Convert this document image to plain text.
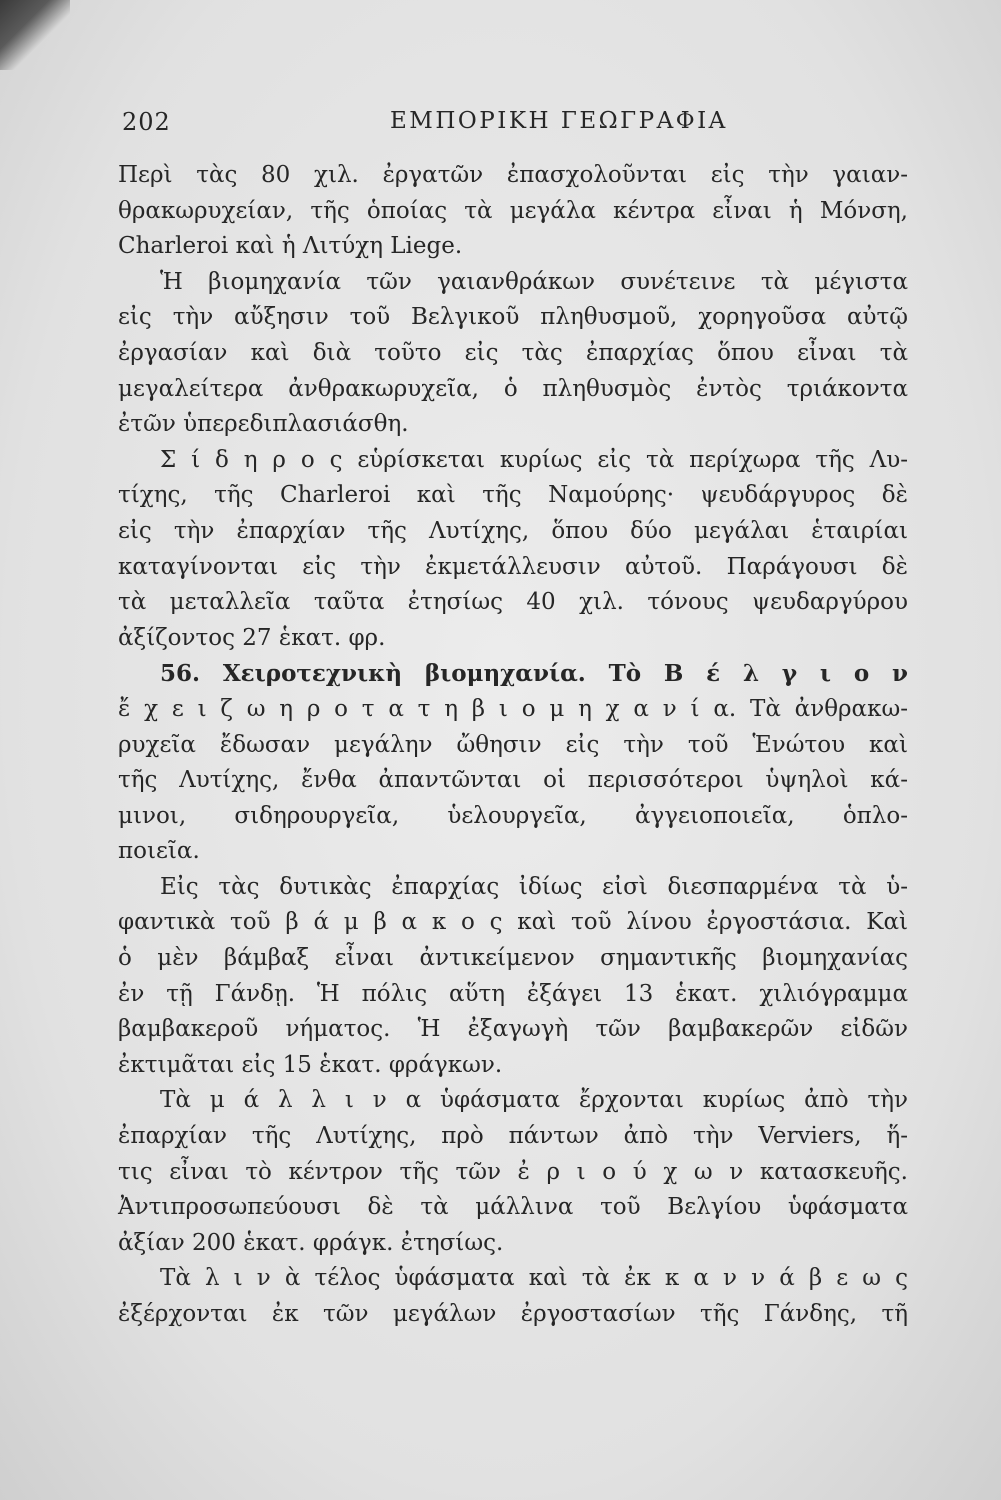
202	ΕΜΠΟΡΙΚΗ ΓΕΩΓΡΑΦΙΑ
Περὶ τὰς 80 χιλ. ἐργατῶν ἐπασχολοῦνται εἰς τὴν γαιαν-
θρακωρυχείαν, τῆς ὁποίας τὰ μεγάλα κέντρα εἶναι ἡ Μόνση,
Charleroi καὶ ἡ Λιτύχη Liege.
Ἡ βιομηχανία τῶν γαιανθράκων συνέτεινε τὰ μέγιστα
εἰς τὴν αὔξησιν τοῦ Βελγικοῦ πληθυσμοῦ, χορηγοῦσα αὐτῷ
ἐργασίαν καὶ διὰ τοῦτο εἰς τὰς ἐπαρχίας ὅπου εἶναι τὰ
μεγαλείτερα ἀνθρακωρυχεῖα, ὁ πληθυσμὸς ἐντὸς τριάκοντα
ἐτῶν ὑπερεδιπλασιάσθη.
Σ ί δ η ρ ο ς εὑρίσκεται κυρίως εἰς τὰ περίχωρα τῆς Λυ-
τίχης, τῆς Charleroi καὶ τῆς Ναμούρης· ψευδάργυρος δὲ
εἰς τὴν ἐπαρχίαν τῆς Λυτίχης, ὅπου δύο μεγάλαι ἑταιρίαι
καταγίνονται εἰς τὴν ἐκμετάλλευσιν αὐτοῦ. Παράγουσι δὲ
τὰ μεταλλεῖα ταῦτα ἐτησίως 40 χιλ. τόνους ψευδαργύρου
ἀξίζοντος 27 ἑκατ. φρ.
56. Χειροτεχνικὴ βιομηχανία. Τὸ Β έ λ γ ι ο ν
ἔ χ ε ι ζ ω η ρ ο τ α τ η β ι ο μ η χ α ν ί α. Τὰ ἀνθρακω-
ρυχεῖα ἔδωσαν μεγάλην ὤθησιν εἰς τὴν τοῦ Ἑνώτου καὶ
τῆς Λυτίχης, ἔνθα ἀπαντῶνται οἱ περισσότεροι ὑψηλοὶ κά-
μινοι, σιδηρουργεῖα, ὑελουργεῖα, ἀγγειοποιεῖα, ὁπλο-
ποιεῖα.
Εἰς τὰς δυτικὰς ἐπαρχίας ἰδίως εἰσὶ διεσπαρμένα τὰ ὑ-
φαντικὰ τοῦ β ά μ β α κ ο ς καὶ τοῦ λίνου ἐργοστάσια. Καὶ
ὁ μὲν βάμβαξ εἶναι ἀντικείμενον σημαντικῆς βιομηχανίας
ἐν τῇ Γάνδῃ. Ἡ πόλις αὕτη ἐξάγει 13 ἑκατ. χιλιόγραμμα
βαμβακεροῦ νήματος. Ἡ ἐξαγωγὴ τῶν βαμβακερῶν εἰδῶν
ἐκτιμᾶται εἰς 15 ἑκατ. φράγκων.
Τὰ μ ά λ λ ι ν α ὑφάσματα ἔρχονται κυρίως ἀπὸ τὴν
ἐπαρχίαν τῆς Λυτίχης, πρὸ πάντων ἀπὸ τὴν Verviers, ἥ-
τις εἶναι τὸ κέντρον τῆς τῶν ἐ ρ ι ο ύ χ ω ν κατασκευῆς.
Ἀντιπροσωπεύουσι δὲ τὰ μάλλινα τοῦ Βελγίου ὑφάσματα
ἀξίαν 200 ἑκατ. φράγκ. ἐτησίως.
Τὰ λ ι ν ὰ τέλος ὑφάσματα καὶ τὰ ἐκ κ α ν ν ά β ε ω ς
ἐξέρχονται ἐκ τῶν μεγάλων ἐργοστασίων τῆς Γάνδης, τῆ
